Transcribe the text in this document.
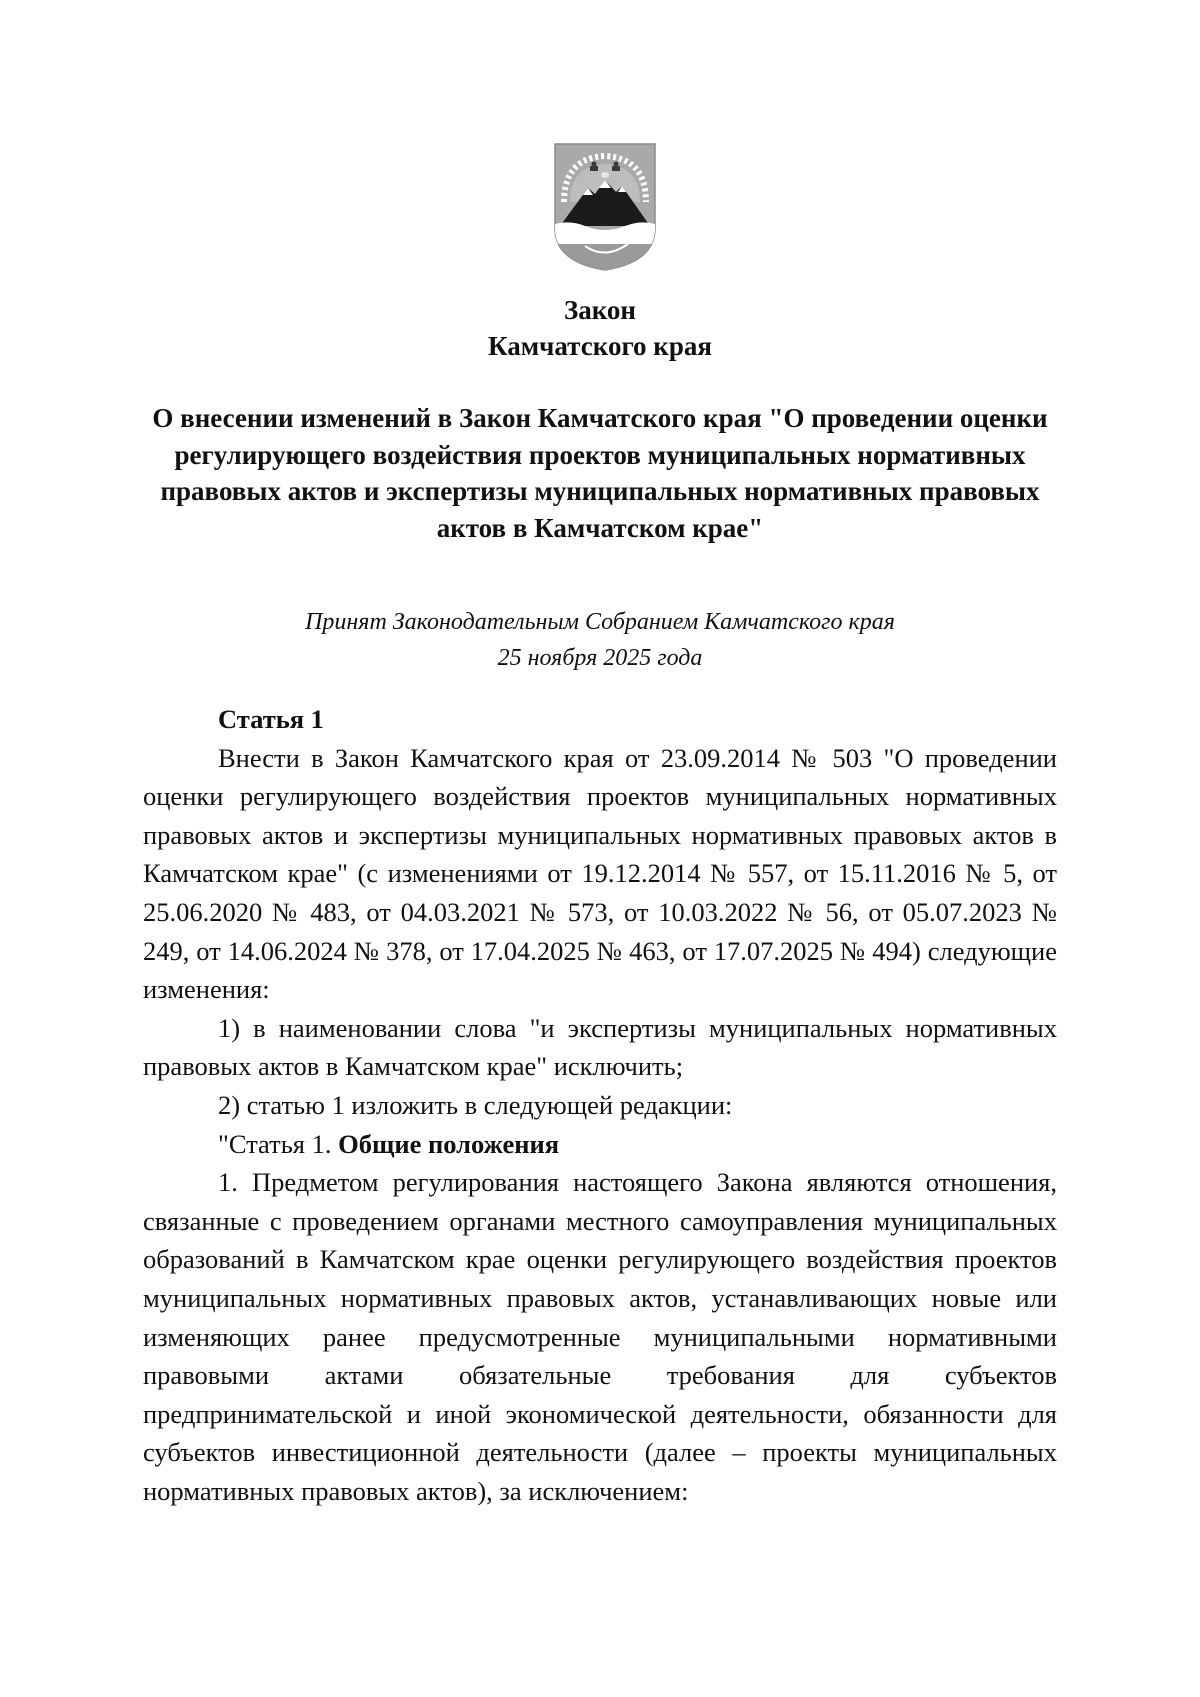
Закон
Камчатского края
О внесении изменений в Закон Камчатского края "О проведении оценки регулирующего воздействия проектов муниципальных нормативных правовых актов и экспертизы муниципальных нормативных правовых актов в Камчатском крае"
Принят Законодательным Собранием Камчатского края
25 ноября 2025 года

Статья 1

Внести в Закон Камчатского края от 23.09.2014 № 503 "О проведении оценки регулирующего воздействия проектов муниципальных нормативных правовых актов и экспертизы муниципальных нормативных правовых актов в Камчатском крае" (с изменениями от 19.12.2014 № 557, от 15.11.2016 № 5, от 25.06.2020 № 483, от 04.03.2021 № 573, от 10.03.2022 № 56, от 05.07.2023 № 249, от 14.06.2024 № 378, от 17.04.2025 № 463, от 17.07.2025 № 494) следующие изменения:

1) в наименовании слова "и экспертизы муниципальных нормативных правовых актов в Камчатском крае" исключить;

2) статью 1 изложить в следующей редакции:

"Статья 1. Общие положения

1. Предметом регулирования настоящего Закона являются отношения, связанные с проведением органами местного самоуправления муниципальных образований в Камчатском крае оценки регулирующего воздействия проектов муниципальных нормативных правовых актов, устанавливающих новые или изменяющих ранее предусмотренные муниципальными нормативными правовыми актами обязательные требования для субъектов предпринимательской и иной экономической деятельности, обязанности для субъектов инвестиционной деятельности (далее – проекты муниципальных нормативных правовых актов), за исключением:
